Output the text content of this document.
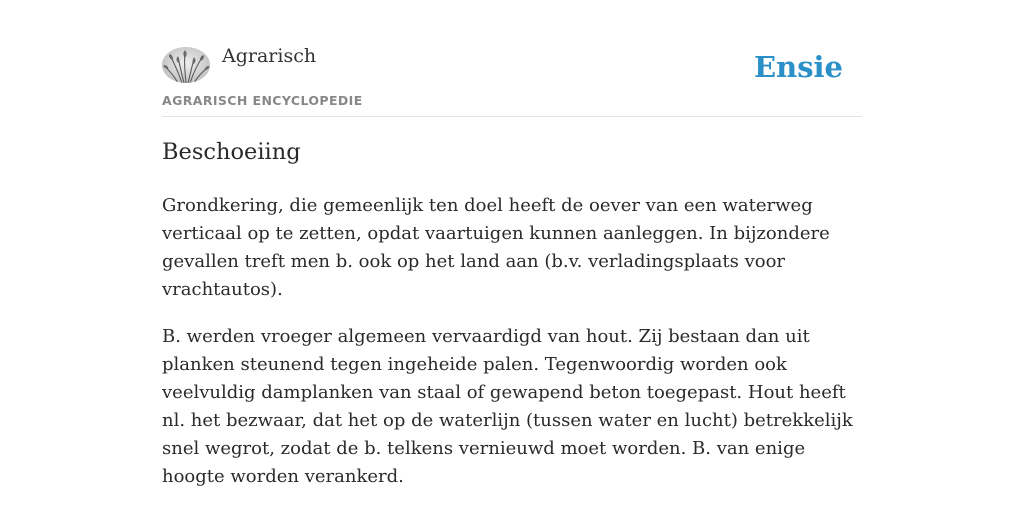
Agrarisch
AGRARISCH ENCYCLOPEDIE
Ensie
Beschoeiing

Grondkering, die gemeenlijk ten doel heeft de oever van een waterweg verticaal op te zetten, opdat vaartuigen kunnen aanleggen. In bijzondere gevallen treft men b. ook op het land aan (b.v. verladingsplaats voor vrachtautos).

B. werden vroeger algemeen vervaardigd van hout. Zij bestaan dan uit planken steunend tegen ingeheide palen. Tegenwoordig worden ook veelvuldig damplanken van staal of gewapend beton toegepast. Hout heeft nl. het bezwaar, dat het op de waterlijn (tussen water en lucht) betrekkelijk snel wegrot, zodat de b. telkens vernieuwd moet worden. B. van enige hoogte worden verankerd.
